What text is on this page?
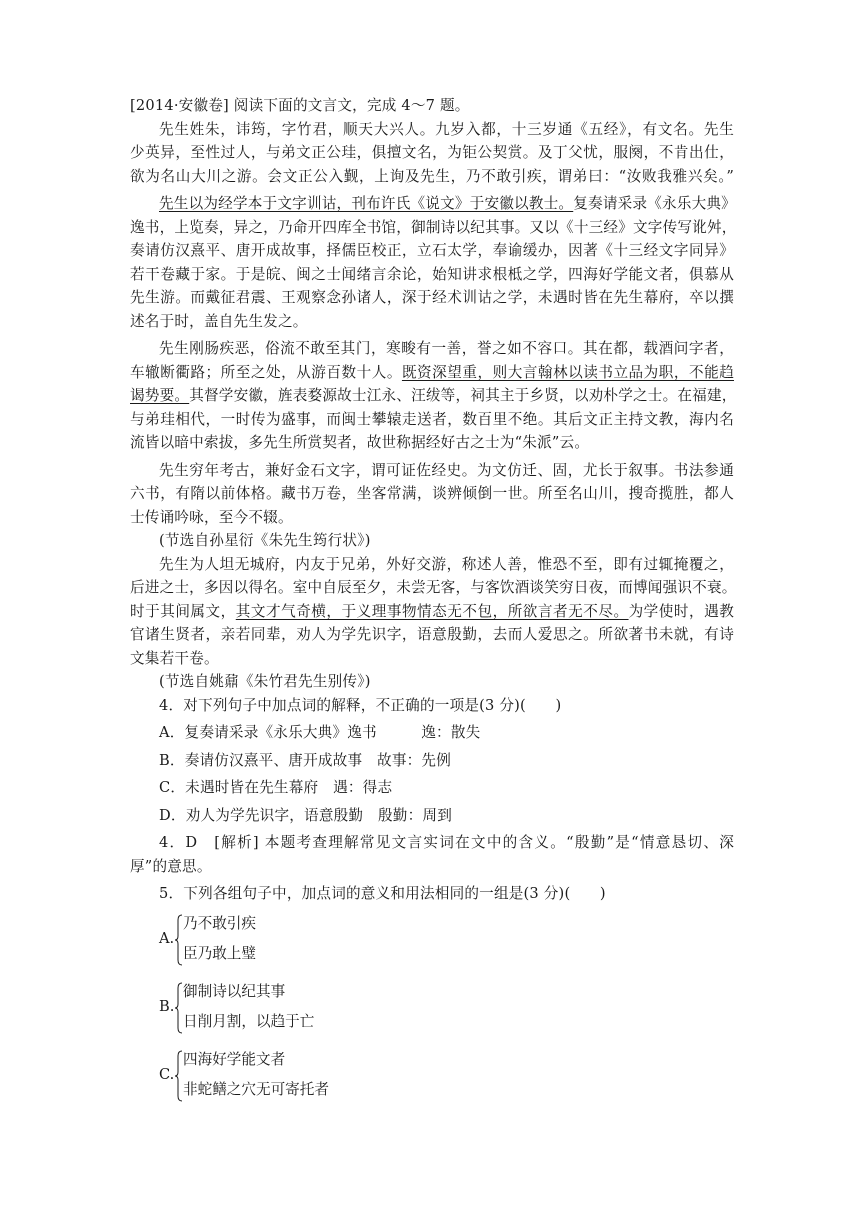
[2014·安徽卷] 阅读下面的文言文，完成 4～7 题。
先生姓朱，讳筠，字竹君，顺天大兴人。九岁入都，十三岁通《五经》，有文名。先生
少英异，至性过人，与弟文正公珪，俱擅文名，为钜公契赏。及丁父忧，服阕，不肯出仕，
欲为名山大川之游。会文正公入觐，上询及先生，乃不敢引疾，谓弟曰：“汝败我雅兴矣。”
先生以为经学本于文字训诂，刊布许氏《说文》于安徽以教士。复奏请采录《永乐大典》
逸书，上览奏，异之，乃命开四库全书馆，御制诗以纪其事。又以《十三经》文字传写讹舛，
奏请仿汉熹平、唐开成故事，择儒臣校正，立石太学，奉谕缓办，因著《十三经文字同异》
若干卷藏于家。于是皖、闽之士闻绪言余论，始知讲求根柢之学，四海好学能文者，俱慕从
先生游。而戴征君震、王观察念孙诸人，深于经术训诂之学，未遇时皆在先生幕府，卒以撰
述名于时，盖自先生发之。
先生刚肠疾恶，俗流不敢至其门，寒畯有一善，誉之如不容口。其在都，载酒问字者，
车辙断衢路；所至之处，从游百数十人。既资深望重，则大言翰林以读书立品为职，不能趋
谒势要。其督学安徽，旌表婺源故士江永、汪绂等，祠其主于乡贤，以劝朴学之士。在福建，
与弟珪相代，一时传为盛事，而闽士攀辕走送者，数百里不绝。其后文正主持文教，海内名
流皆以暗中索拔，多先生所赏契者，故世称据经好古之士为“朱派”云。
先生穷年考古，兼好金石文字，谓可证佐经史。为文仿迁、固，尤长于叙事。书法参通
六书，有隋以前体格。藏书万卷，坐客常满，谈辨倾倒一世。所至名山川，搜奇揽胜，都人
士传诵吟咏，至今不辍。
(节选自孙星衍《朱先生筠行状》)
先生为人坦无城府，内友于兄弟，外好交游，称述人善，惟恐不至，即有过辄掩覆之，
后进之士，多因以得名。室中自辰至夕，未尝无客，与客饮酒谈笑穷日夜，而博闻强识不衰。
时于其间属文，其文才气奇横，于义理事物情态无不包，所欲言者无不尽。为学使时，遇教
官诸生贤者，亲若同辈，劝人为学先识字，语意殷勤，去而人爱思之。所欲著书未就，有诗
文集若干卷。
(节选自姚鼐《朱竹君先生别传》)
4．对下列句子中加点词的解释，不正确的一项是(3 分)(　　)
A．复奏请采录《永乐大典》逸书　　　逸：散失
B．奏请仿汉熹平、唐开成故事　故事：先例
C．未遇时皆在先生幕府　遇：得志
D．劝人为学先识字，语意殷勤　殷勤：周到
4．D　[解析] 本题考查理解常见文言实词在文中的含义。“殷勤”是“情意恳切、深
厚”的意思。
5．下列各组句子中，加点词的意义和用法相同的一组是(3 分)(　　)
A.
乃不敢引疾
臣乃敢上璧
B.
御制诗以纪其事
日削月割，以趋于亡
C.
四海好学能文者
非蛇鳝之穴无可寄托者
